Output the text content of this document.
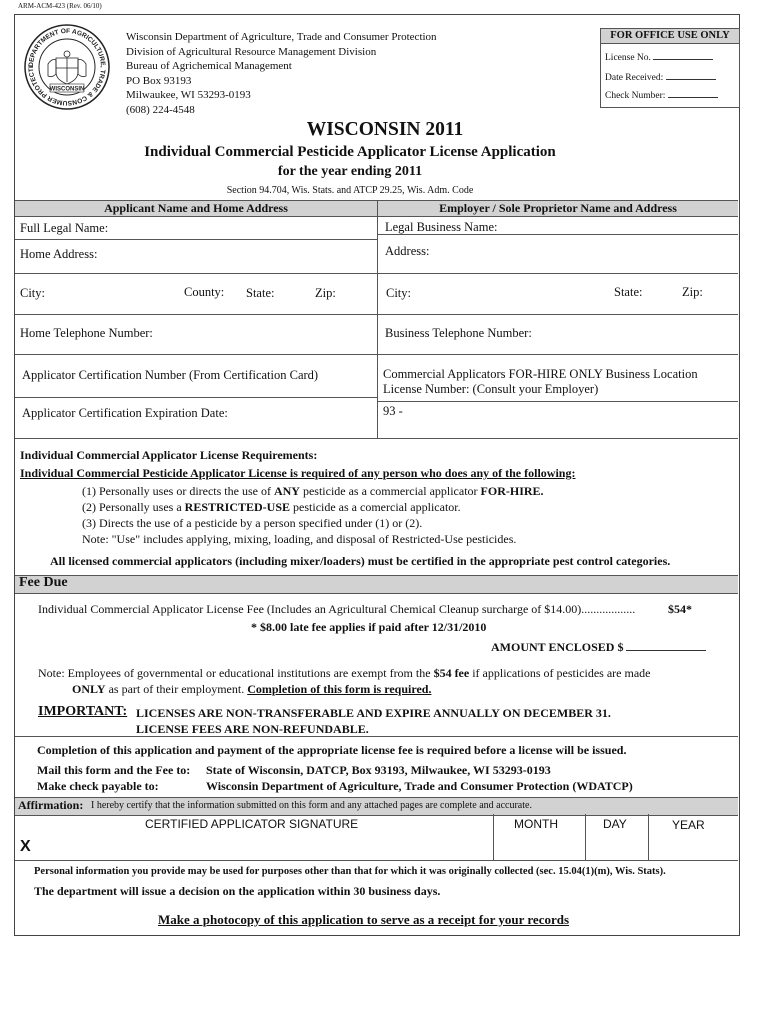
ARM-ACM-423 (Rev. 06/10)
DEPARTMENT OF AGRICULTURE, TRADE & CONSUMER PROTECTI
WISCONSIN
Wisconsin Department of Agriculture, Trade and Consumer Protection
Division of Agricultural Resource Management Division
Bureau of Agrichemical Management
PO Box 93193
Milwaukee, WI 53293-0193
(608) 224-4548
FOR OFFICE USE ONLY
License No.
Date Received:
Check Number:
WISCONSIN 2011
Individual Commercial Pesticide Applicator License Application
for the year ending 2011
Section 94.704, Wis. Stats. and ATCP 29.25, Wis. Adm. Code
Applicant Name and Home Address	Employer / Sole Proprietor Name and Address
Full Legal Name:
Home Address:
City:	County: State:	Zip:
Home Telephone Number:
Applicator Certification Number (From Certification Card)
Applicator Certification Expiration Date:
Legal Business Name:
Address:
City:	State:	Zip:
Business Telephone Number:
Commercial Applicators FOR-HIRE ONLY Business Location
License Number: (Consult your Employer)
93 -
Individual Commercial Applicator License Requirements:
Individual Commercial Pesticide Applicator License is required of any person who does any of the following:
(1) Personally uses or directs the use of ANY pesticide as a commercial applicator FOR-HIRE.
(2) Personally uses a RESTRICTED-USE pesticide as a comercial applicator.
(3) Directs the use of a pesticide by a person specified under (1) or (2).
Note: "Use" includes applying, mixing, loading, and disposal of Restricted-Use pesticides.
All licensed commercial applicators (including mixer/loaders) must be certified in the appropriate pest control categories.
Fee Due
Individual Commercial Applicator License Fee (Includes an Agricultural Chemical Cleanup surcharge of $14.00)..................	$54*
* $8.00 late fee applies if paid after 12/31/2010
AMOUNT ENCLOSED $
Note: Employees of governmental or educational institutions are exempt from the $54 fee if applications of pesticides are made
ONLY as part of their employment. Completion of this form is required.
IMPORTANT: LICENSES ARE NON-TRANSFERABLE AND EXPIRE ANNUALLY ON DECEMBER 31.
LICENSE FEES ARE NON-REFUNDABLE.
Completion of this application and payment of the appropriate license fee is required before a license will be issued.
Mail this form and the Fee to: State of Wisconsin, DATCP, Box 93193, Milwaukee, WI 53293-0193
Make check payable to:	Wisconsin Department of Agriculture, Trade and Consumer Protection (WDATCP)
Affirmation: I hereby certify that the information submitted on this form and any attached pages are complete and accurate.
CERTIFIED APPLICATOR SIGNATURE	MONTH	DAY	YEAR
X
Personal information you provide may be used for purposes other than that for which it was originally collected (sec. 15.04(1)(m), Wis. Stats).
The department will issue a decision on the application within 30 business days.
Make a photocopy of this application to serve as a receipt for your records
